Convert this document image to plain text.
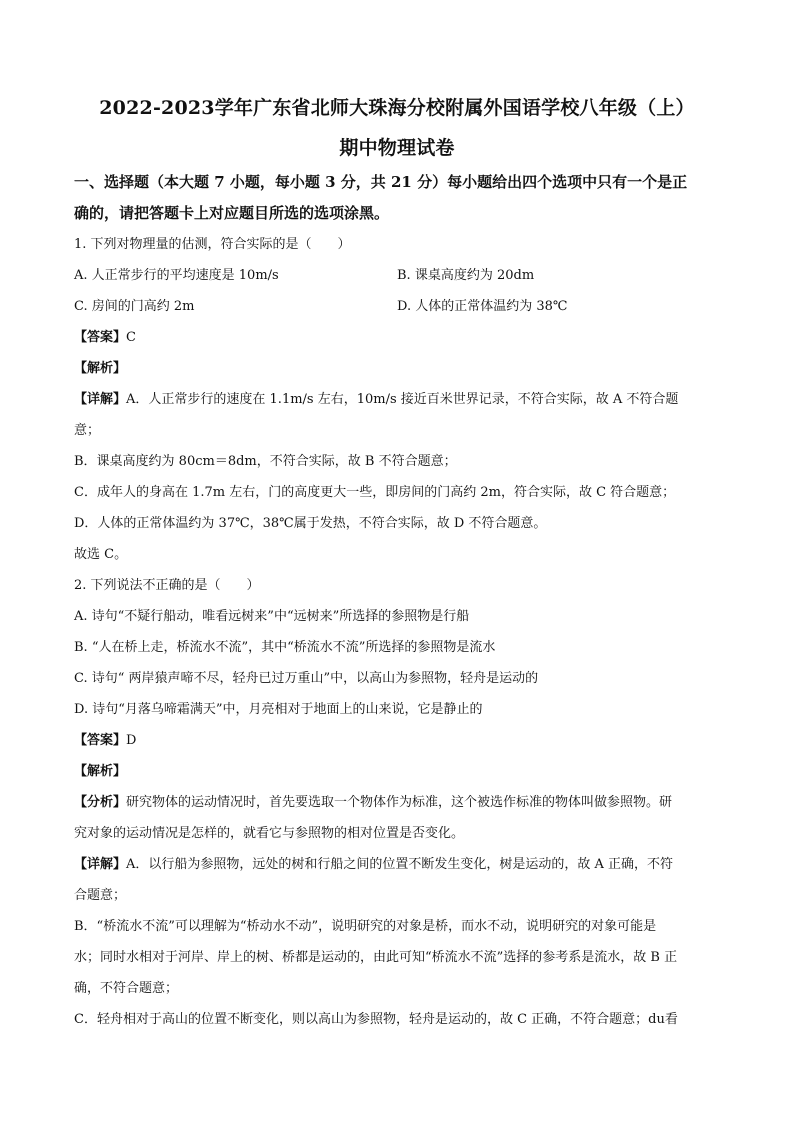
2022-2023学年广东省北师大珠海分校附属外国语学校八年级（上）

期中物理试卷

一、选择题（本大题 7 小题，每小题 3 分，共 21 分）每小题给出四个选项中只有一个是正

确的，请把答题卡上对应题目所选的选项涂黑。

1. 下列对物理量的估测，符合实际的是（　　）

A. 人正常步行的平均速度是 10m/s	B. 课桌高度约为 20dm
C. 房间的门高约 2m	D. 人体的正常体温约为 38℃

【答案】C

【解析】

【详解】A．人正常步行的速度在 1.1m/s 左右，10m/s 接近百米世界记录，不符合实际，故 A 不符合题

意；

B．课桌高度约为 80cm＝8dm，不符合实际，故 B 不符合题意；

C．成年人的身高在 1.7m 左右，门的高度更大一些，即房间的门高约 2m，符合实际，故 C 符合题意；

D．人体的正常体温约为 37℃，38℃属于发热，不符合实际，故 D 不符合题意。

故选 C。

2. 下列说法不正确的是（　　）

A. 诗句“不疑行船动，唯看远树来”中“远树来”所选择的参照物是行船

B. “人在桥上走，桥流水不流”，其中“桥流水不流”所选择的参照物是流水

C. 诗句“ 两岸猿声啼不尽，轻舟已过万重山”中，以高山为参照物，轻舟是运动的

D. 诗句“月落乌啼霜满天”中，月亮相对于地面上的山来说，它是静止的

【答案】D

【解析】

【分析】研究物体的运动情况时，首先要选取一个物体作为标准，这个被选作标准的物体叫做参照物。研

究对象的运动情况是怎样的，就看它与参照物的相对位置是否变化。

【详解】A．以行船为参照物，远处的树和行船之间的位置不断发生变化，树是运动的，故 A 正确，不符

合题意；

B．“桥流水不流”可以理解为“桥动水不动”，说明研究的对象是桥，而水不动，说明研究的对象可能是

水；同时水相对于河岸、岸上的树、桥都是运动的，由此可知“桥流水不流”选择的参考系是流水，故 B 正

确，不符合题意；

C．轻舟相对于高山的位置不断变化，则以高山为参照物，轻舟是运动的，故 C 正确，不符合题意；du看
